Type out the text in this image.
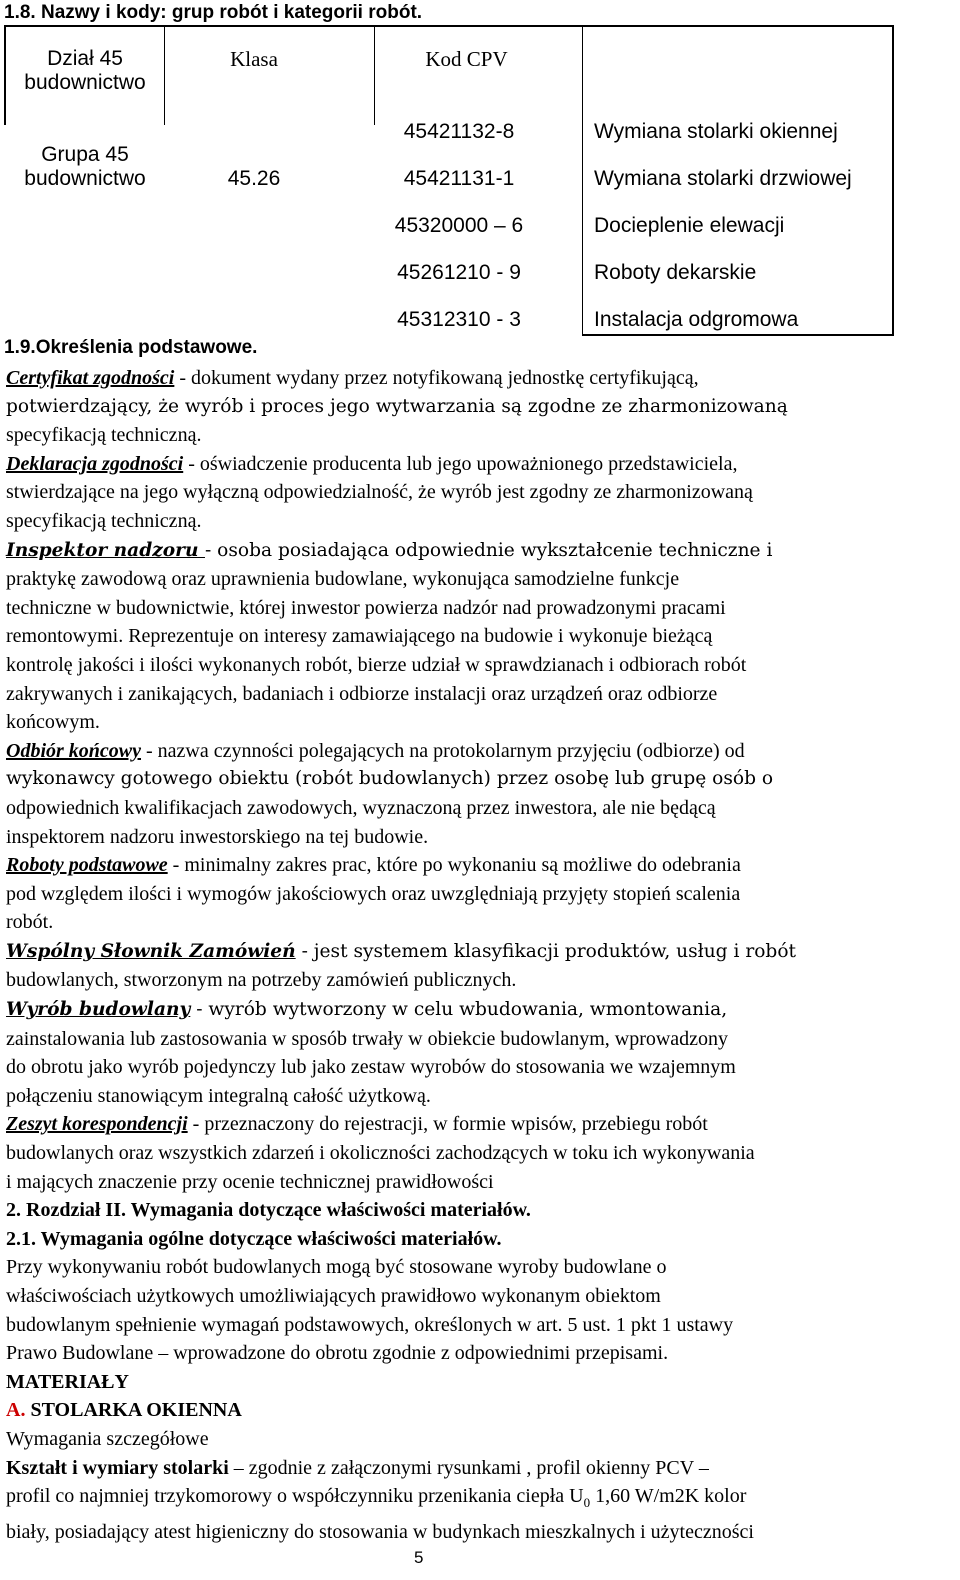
1.8. Nazwy i kody: grup robót i kategorii robót.
Dział 45
budownictwo
Klasa	Kod CPV
Grupa 45
budownictwo	45.26
45421132-8
45421131-1
45320000 – 6
45261210 - 9
45312310 - 3
Wymiana stolarki okiennej
Wymiana stolarki drzwiowej
Docieplenie elewacji
Roboty dekarskie
Instalacja odgromowa
1.9.Określenia podstawowe.
Certyfikat zgodności - dokument wydany przez notyfikowaną jednostkę certyfikującą,
potwierdzający, że wyrób i proces jego wytwarzania są zgodne ze zharmonizowaną
specyfikacją techniczną.
Deklaracja zgodności - oświadczenie producenta lub jego upoważnionego przedstawiciela,
stwierdzające na jego wyłączną odpowiedzialność, że wyrób jest zgodny ze zharmonizowaną
specyfikacją techniczną.
Inspektor nadzoru - osoba posiadająca odpowiednie wykształcenie techniczne i
praktykę zawodową oraz uprawnienia budowlane, wykonująca samodzielne funkcje
techniczne w budownictwie, której inwestor powierza nadzór nad prowadzonymi pracami
remontowymi. Reprezentuje on interesy zamawiającego na budowie i wykonuje bieżącą
kontrolę jakości i ilości wykonanych robót, bierze udział w sprawdzianach i odbiorach robót
zakrywanych i zanikających, badaniach i odbiorze instalacji oraz urządzeń oraz odbiorze
końcowym.
Odbiór końcowy - nazwa czynności polegających na protokolarnym przyjęciu (odbiorze) od
wykonawcy gotowego obiektu (robót budowlanych) przez osobę lub grupę osób o
odpowiednich kwalifikacjach zawodowych, wyznaczoną przez inwestora, ale nie będącą
inspektorem nadzoru inwestorskiego na tej budowie.
Roboty podstawowe - minimalny zakres prac, które po wykonaniu są możliwe do odebrania
pod względem ilości i wymogów jakościowych oraz uwzględniają przyjęty stopień scalenia
robót.
Wspólny Słownik Zamówień - jest systemem klasyfikacji produktów, usług i robót
budowlanych, stworzonym na potrzeby zamówień publicznych.
Wyrób budowlany - wyrób wytworzony w celu wbudowania, wmontowania,
zainstalowania lub zastosowania w sposób trwały w obiekcie budowlanym, wprowadzony
do obrotu jako wyrób pojedynczy lub jako zestaw wyrobów do stosowania we wzajemnym
połączeniu stanowiącym integralną całość użytkową.
Zeszyt korespondencji - przeznaczony do rejestracji, w formie wpisów, przebiegu robót
budowlanych oraz wszystkich zdarzeń i okoliczności zachodzących w toku ich wykonywania
i mających znaczenie przy ocenie technicznej prawidłowości
2. Rozdział II. Wymagania dotyczące właściwości materiałów.
2.1. Wymagania ogólne dotyczące właściwości materiałów.
Przy wykonywaniu robót budowlanych mogą być stosowane wyroby budowlane o
właściwościach użytkowych umożliwiających prawidłowo wykonanym obiektom
budowlanym spełnienie wymagań podstawowych, określonych w art. 5 ust. 1 pkt 1 ustawy
Prawo Budowlane – wprowadzone do obrotu zgodnie z odpowiednimi przepisami.
MATERIAŁY
A. STOLARKA OKIENNA
Wymagania szczegółowe
Kształt i wymiary stolarki – zgodnie z załączonymi rysunkami , profil okienny PCV –
profil co najmniej trzykomorowy o współczynniku przenikania ciepła $U_0$ 1,60 W/m2K kolor
biały, posiadający atest higieniczny do stosowania w budynkach mieszkalnych i użyteczności
5
